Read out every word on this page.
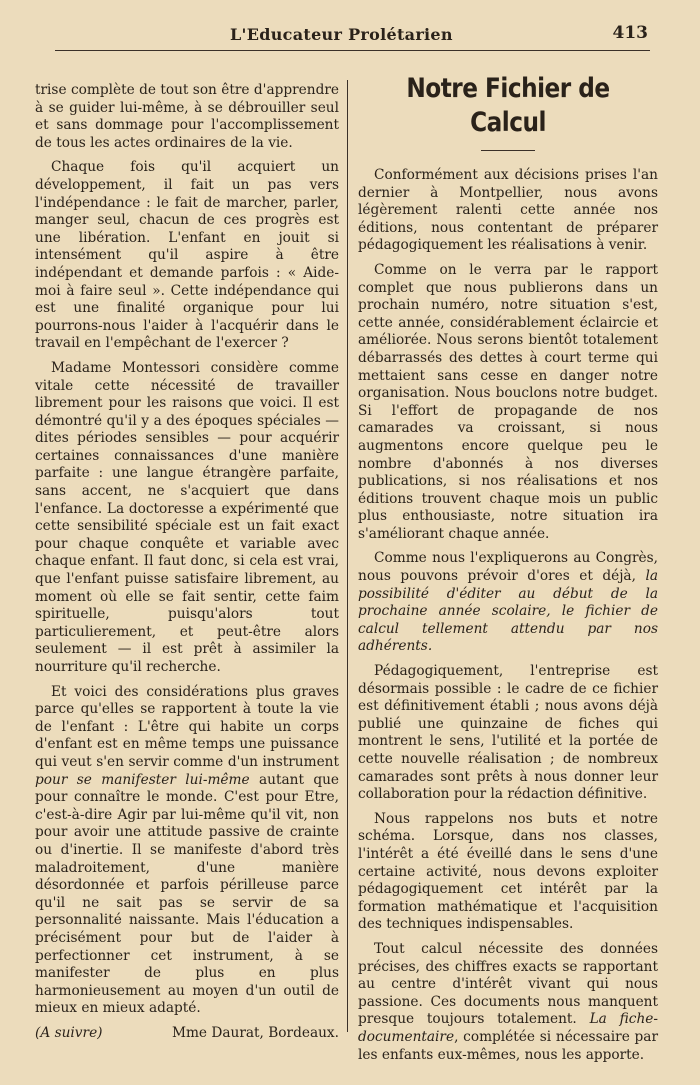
L'Educateur Prolétarien	413

trise complète de tout son être d'apprendre à se guider lui-même, à se débrouiller seul et sans dommage pour l'accomplissement de tous les actes ordinaires de la vie.

Chaque fois qu'il acquiert un développement, il fait un pas vers l'indépendance : le fait de marcher, parler, manger seul, chacun de ces progrès est une libération. L'enfant en jouit si intensément qu'il aspire à être indépendant et demande parfois : « Aide-moi à faire seul ». Cette indépendance qui est une finalité organique pour lui pourrons-nous l'aider à l'acquérir dans le travail en l'empêchant de l'exercer ?

Madame Montessori considère comme vitale cette nécessité de travailler librement pour les raisons que voici. Il est démontré qu'il y a des époques spéciales — dites périodes sensibles — pour acquérir certaines connaissances d'une manière parfaite : une langue étrangère parfaite, sans accent, ne s'acquiert que dans l'enfance. La doctoresse a expérimenté que cette sensibilité spéciale est un fait exact pour chaque conquête et variable avec chaque enfant. Il faut donc, si cela est vrai, que l'enfant puisse satisfaire librement, au moment où elle se fait sentir, cette faim spirituelle, puisqu'alors tout particulierement, et peut-être alors seulement — il est prêt à assimiler la nourriture qu'il recherche.

Et voici des considérations plus graves parce qu'elles se rapportent à toute la vie de l'enfant : L'être qui habite un corps d'enfant est en même temps une puissance qui veut s'en servir comme d'un instrument pour se manifester lui-même autant que pour connaître le monde. C'est pour Etre, c'est-à-dire Agir par lui-même qu'il vit, non pour avoir une attitude passive de crainte ou d'inertie. Il se manifeste d'abord très maladroitement, d'une manière désordonnée et parfois périlleuse parce qu'il ne sait pas se servir de sa personnalité naissante. Mais l'éducation a précisément pour but de l'aider à perfectionner cet instrument, à se manifester de plus en plus harmonieusement au moyen d'un outil de mieux en mieux adapté.

(A suivre)	Mme Daurat, Bordeaux.
Notre Fichier de Calcul

Conformément aux décisions prises l'an dernier à Montpellier, nous avons légèrement ralenti cette année nos éditions, nous contentant de préparer pédagogiquement les réalisations à venir.

Comme on le verra par le rapport complet que nous publierons dans un prochain numéro, notre situation s'est, cette année, considérablement éclaircie et améliorée. Nous serons bientôt totalement débarrassés des dettes à court terme qui mettaient sans cesse en danger notre organisation. Nous bouclons notre budget. Si l'effort de propagande de nos camarades va croissant, si nous augmentons encore quelque peu le nombre d'abonnés à nos diverses publications, si nos réalisations et nos éditions trouvent chaque mois un public plus enthousiaste, notre situation ira s'améliorant chaque année.

Comme nous l'expliquerons au Congrès, nous pouvons prévoir d'ores et déjà, la possibilité d'éditer au début de la prochaine année scolaire, le fichier de calcul tellement attendu par nos adhérents.

Pédagogiquement, l'entreprise est désormais possible : le cadre de ce fichier est définitivement établi ; nous avons déjà publié une quinzaine de fiches qui montrent le sens, l'utilité et la portée de cette nouvelle réalisation ; de nombreux camarades sont prêts à nous donner leur collaboration pour la rédaction définitive.

Nous rappelons nos buts et notre schéma. Lorsque, dans nos classes, l'intérêt a été éveillé dans le sens d'une certaine activité, nous devons exploiter pédagogiquement cet intérêt par la formation mathématique et l'acquisition des techniques indispensables.

Tout calcul nécessite des données précises, des chiffres exacts se rapportant au centre d'intérêt vivant qui nous passione. Ces documents nous manquent presque toujours totalement. La fiche-documentaire, complétée si nécessaire par les enfants eux-mêmes, nous les apporte.
